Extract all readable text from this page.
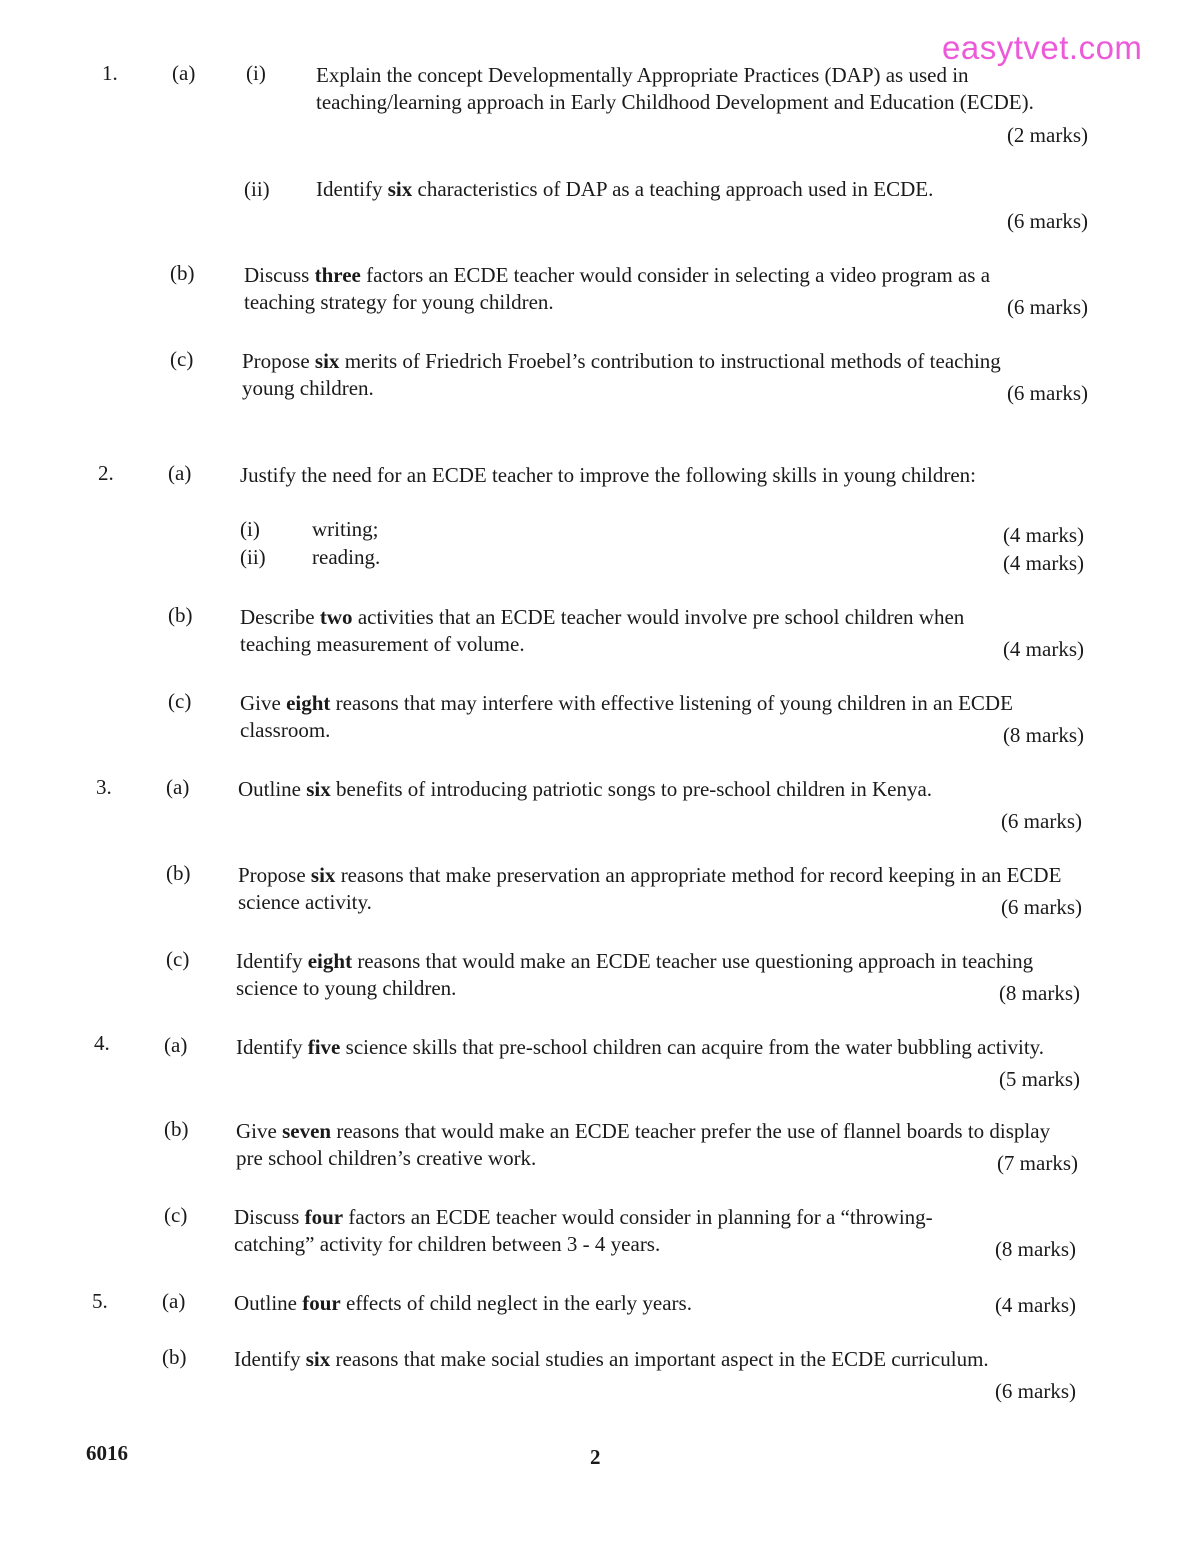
easytvet.com
1.	(a) (i) Explain the concept Developmentally Appropriate Practices (DAP) as used in teaching/learning approach in Early Childhood Development and Education (ECDE).
(2 marks)
(ii) Identify six characteristics of DAP as a teaching approach used in ECDE.
(6 marks)
(b) Discuss three factors an ECDE teacher would consider in selecting a video program as a teaching strategy for young children.	(6 marks)
(c) Propose six merits of Friedrich Froebel’s contribution to instructional methods of teaching young children.	(6 marks)
2.	(a) Justify the need for an ECDE teacher to improve the following skills in young children:
(i) writing;	(4 marks)
(ii) reading.	(4 marks)
(b) Describe two activities that an ECDE teacher would involve pre school children when teaching measurement of volume.	(4 marks)
(c) Give eight reasons that may interfere with effective listening of young children in an ECDE classroom.	(8 marks)
3.	(a) Outline six benefits of introducing patriotic songs to pre-school children in Kenya.
(6 marks)
(b) Propose six reasons that make preservation an appropriate method for record keeping in an ECDE science activity.	(6 marks)
(c) Identify eight reasons that would make an ECDE teacher use questioning approach in teaching science to young children.	(8 marks)
4.	(a) Identify five science skills that pre-school children can acquire from the water bubbling activity.
(5 marks)
(b) Give seven reasons that would make an ECDE teacher prefer the use of flannel boards to display pre school children’s creative work.	(7 marks)
(c) Discuss four factors an ECDE teacher would consider in planning for a “throwing-catching” activity for children between 3 - 4 years.	(8 marks)
5.	(a) Outline four effects of child neglect in the early years.	(4 marks)
(b) Identify six reasons that make social studies an important aspect in the ECDE curriculum.
(6 marks)
6016	2
